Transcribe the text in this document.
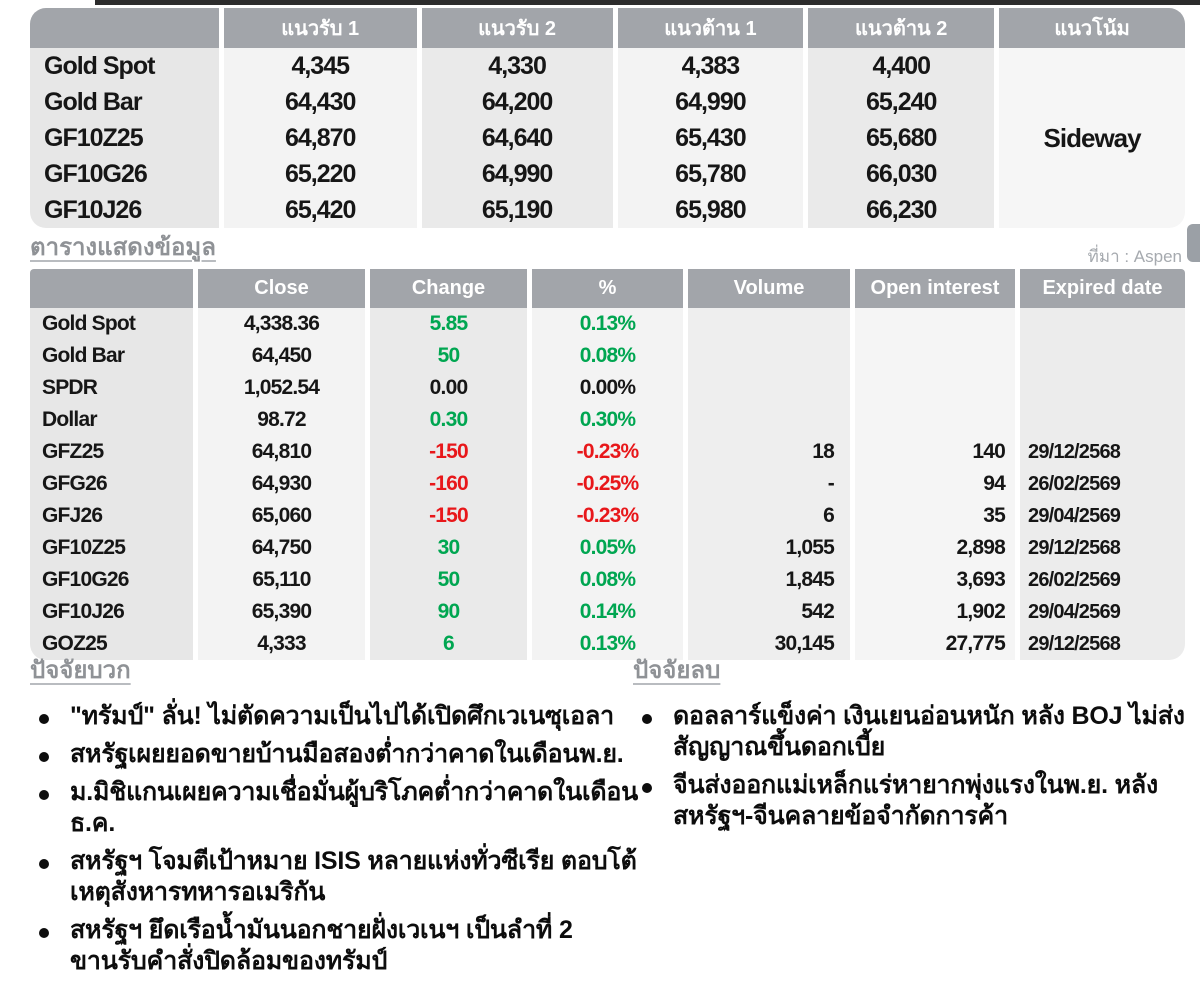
	แนวรับ 1	แนวรับ 2	แนวต้าน 1	แนวต้าน 2	แนวโน้ม
Gold Spot	4,345	4,330	4,383	4,400	Sideway
Gold Bar	64,430	64,200	64,990	65,240	
GF10Z25	64,870	64,640	65,430	65,680	
GF10G26	65,220	64,990	65,780	66,030	
GF10J26	65,420	65,190	65,980	66,230	
ตารางแสดงข้อมูล	ที่มา : Aspen
	Close	Change	%	Volume	Open interest	Expired date
Gold Spot	4,338.36	5.85	0.13%			
Gold Bar	64,450	50	0.08%			
SPDR	1,052.54	0.00	0.00%			
Dollar	98.72	0.30	0.30%			
GFZ25	64,810	-150	-0.23%	18	140	29/12/2568
GFG26	64,930	-160	-0.25%	-	94	26/02/2569
GFJ26	65,060	-150	-0.23%	6	35	29/04/2569
GF10Z25	64,750	30	0.05%	1,055	2,898	29/12/2568
GF10G26	65,110	50	0.08%	1,845	3,693	26/02/2569
GF10J26	65,390	90	0.14%	542	1,902	29/04/2569
GOZ25	4,333	6	0.13%	30,145	27,775	29/12/2568
ปัจจัยบวก
"ทรัมป์" ลั่น! ไม่ตัดความเป็นไปได้เปิดศึกเวเนซุเอลา
สหรัฐเผยยอดขายบ้านมือสองต่ำกว่าคาดในเดือนพ.ย.
ม.มิชิแกนเผยความเชื่อมั่นผู้บริโภคต่ำกว่าคาดในเดือนธ.ค.
สหรัฐฯ โจมตีเป้าหมาย ISIS หลายแห่งทั่วซีเรีย ตอบโต้เหตุสังหารทหารอเมริกัน
สหรัฐฯ ยึดเรือน้ำมันนอกชายฝั่งเวเนฯ เป็นลำที่ 2 ขานรับคำสั่งปิดล้อมของทรัมป์
ปัจจัยลบ
ดอลลาร์แข็งค่า เงินเยนอ่อนหนัก หลัง BOJ ไม่ส่งสัญญาณขึ้นดอกเบี้ย
จีนส่งออกแม่เหล็กแร่หายากพุ่งแรงในพ.ย. หลังสหรัฐฯ-จีนคลายข้อจำกัดการค้า
